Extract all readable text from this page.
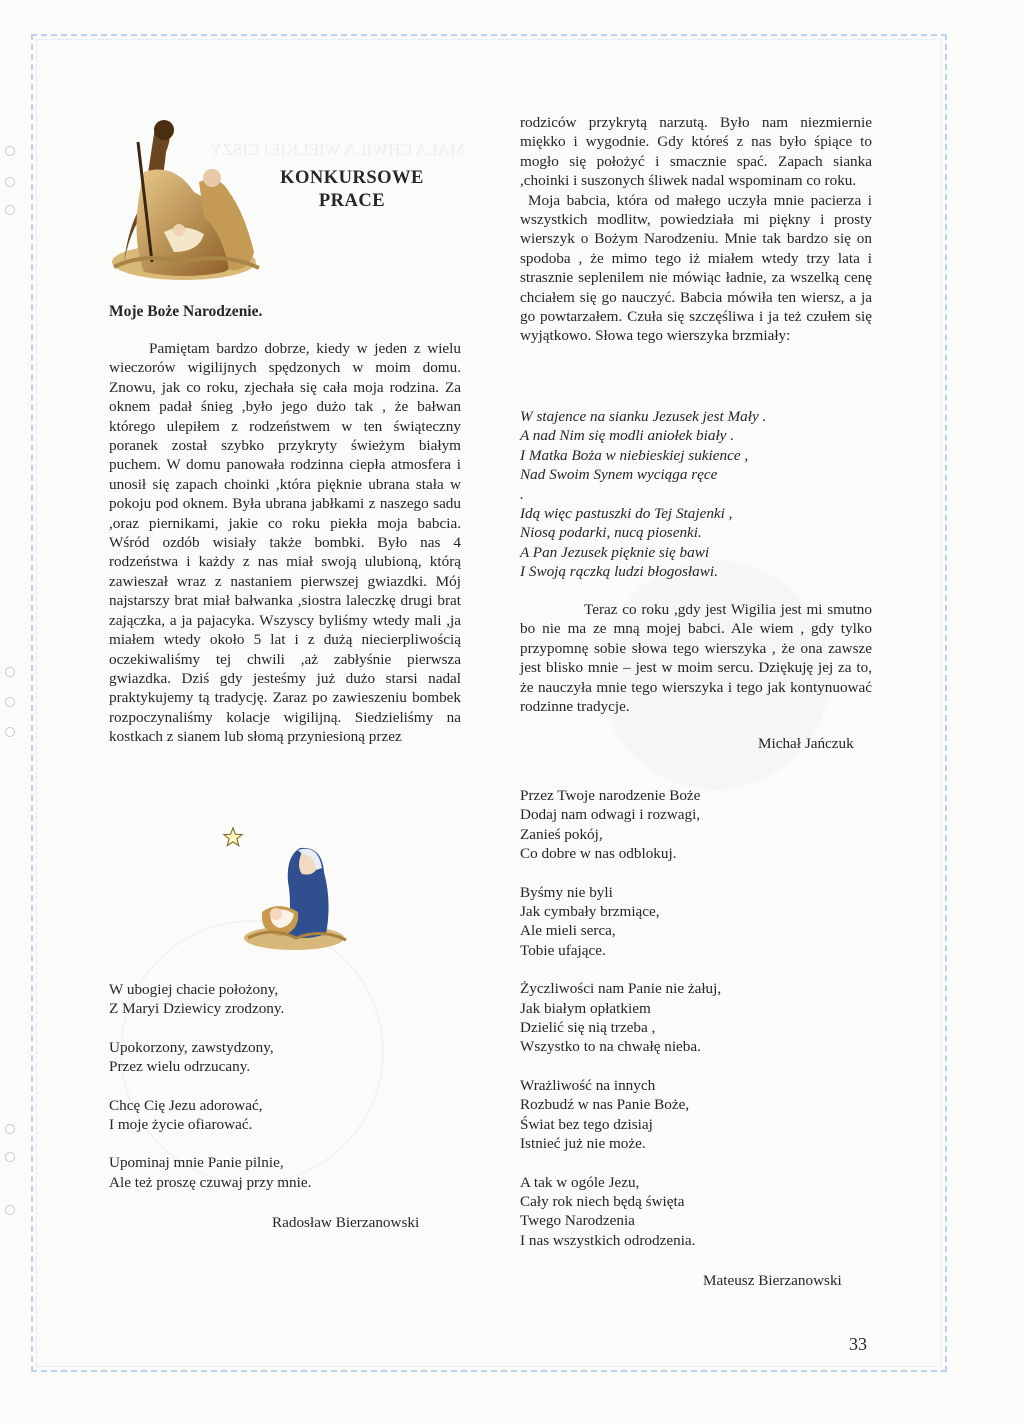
MAŁA CHWILA WIELKIEJ CISZY
KONKURSOWE
PRACE
Moje Boże Narodzenie.

Pamiętam bardzo dobrze, kiedy w jeden z wielu wieczorów wigilijnych spędzonych w moim domu. Znowu, jak co roku, zjechała się cała moja rodzina. Za oknem padał śnieg ,było jego dużo tak , że bałwan którego ulepiłem z rodzeństwem w ten świąteczny poranek został szybko przykryty świeżym białym puchem. W domu panowała rodzinna ciepła atmosfera i unosił się zapach choinki ,która pięknie ubrana stała w pokoju pod oknem. Była ubrana jabłkami z naszego sadu ,oraz piernikami, jakie co roku piekła moja babcia. Wśród ozdób wisiały także bombki. Było nas 4 rodzeństwa i każdy z nas miał swoją ulubioną, którą zawieszał wraz z nastaniem pierwszej gwiazdki. Mój najstarszy brat miał bałwanka ,siostra laleczkę drugi brat zajączka, a ja pajacyka. Wszyscy byliśmy wtedy mali ,ja miałem wtedy około 5 lat i z dużą niecierpliwością oczekiwaliśmy tej chwili ,aż zabłyśnie pierwsza gwiazdka. Dziś gdy jesteśmy już dużo starsi nadal praktykujemy tą tradycję. Zaraz po zawieszeniu bombek rozpoczynaliśmy kolacje wigilijną. Siedzieliśmy na kostkach z sianem lub słomą przyniesioną przez

W ubogiej chacie położony,
Z Maryi Dziewicy zrodzony.
Upokorzony, zawstydzony,
Przez wielu odrzucany.
Chcę Cię Jezu adorować,
I moje życie ofiarować.
Upominaj mnie Panie pilnie,
Ale też proszę czuwaj przy mnie.
Radosław Bierzanowski

rodziców przykrytą narzutą. Było nam niezmiernie miękko i wygodnie. Gdy któreś z nas było śpiące to mogło się położyć i smacznie spać. Zapach sianka ,choinki i suszonych śliwek nadal wspominam co roku.

Moja babcia, która od małego uczyła mnie pacierza i wszystkich modlitw, powiedziała mi piękny i prosty wierszyk o Bożym Narodzeniu. Mnie tak bardzo się on spodoba , że mimo tego iż miałem wtedy trzy lata i strasznie seplenilem nie mówiąc ładnie, za wszelką cenę chciałem się go nauczyć. Babcia mówiła ten wiersz, a ja go powtarzałem. Czuła się szczęśliwa i ja też czułem się wyjątkowo. Słowa tego wierszyka brzmiały:

W stajence na sianku Jezusek jest Mały .
A nad Nim się modli aniołek biały .
I Matka Boża w niebieskiej sukience ,
Nad Swoim Synem wyciąga ręce
.
Idą więc pastuszki do Tej Stajenki ,
Niosą podarki, nucą piosenki.
A Pan Jezusek pięknie się bawi
I Swoją rączką ludzi błogosławi.

Teraz co roku ,gdy jest Wigilia jest mi smutno bo nie ma ze mną mojej babci. Ale wiem , gdy tylko przypomnę sobie słowa tego wierszyka , że ona zawsze jest blisko mnie – jest w moim sercu. Dziękuję jej za to, że nauczyła mnie tego wierszyka i tego jak kontynuować rodzinne tradycje.

Michał Jańczuk
Przez Twoje narodzenie Boże
Dodaj nam odwagi i rozwagi,
Zanieś pokój,
Co dobre w nas odblokuj.
Byśmy nie byli
Jak cymbały brzmiące,
Ale mieli serca,
Tobie ufające.
Życzliwości nam Panie nie żałuj,
Jak białym opłatkiem
Dzielić się nią trzeba ,
Wszystko to na chwałę nieba.
Wrażliwość na innych
Rozbudź w nas Panie Boże,
Świat bez tego dzisiaj
Istnieć już nie może.
A tak w ogóle Jezu,
Cały rok niech będą święta
Twego Narodzenia
I nas wszystkich odrodzenia.
Mateusz Bierzanowski
33
